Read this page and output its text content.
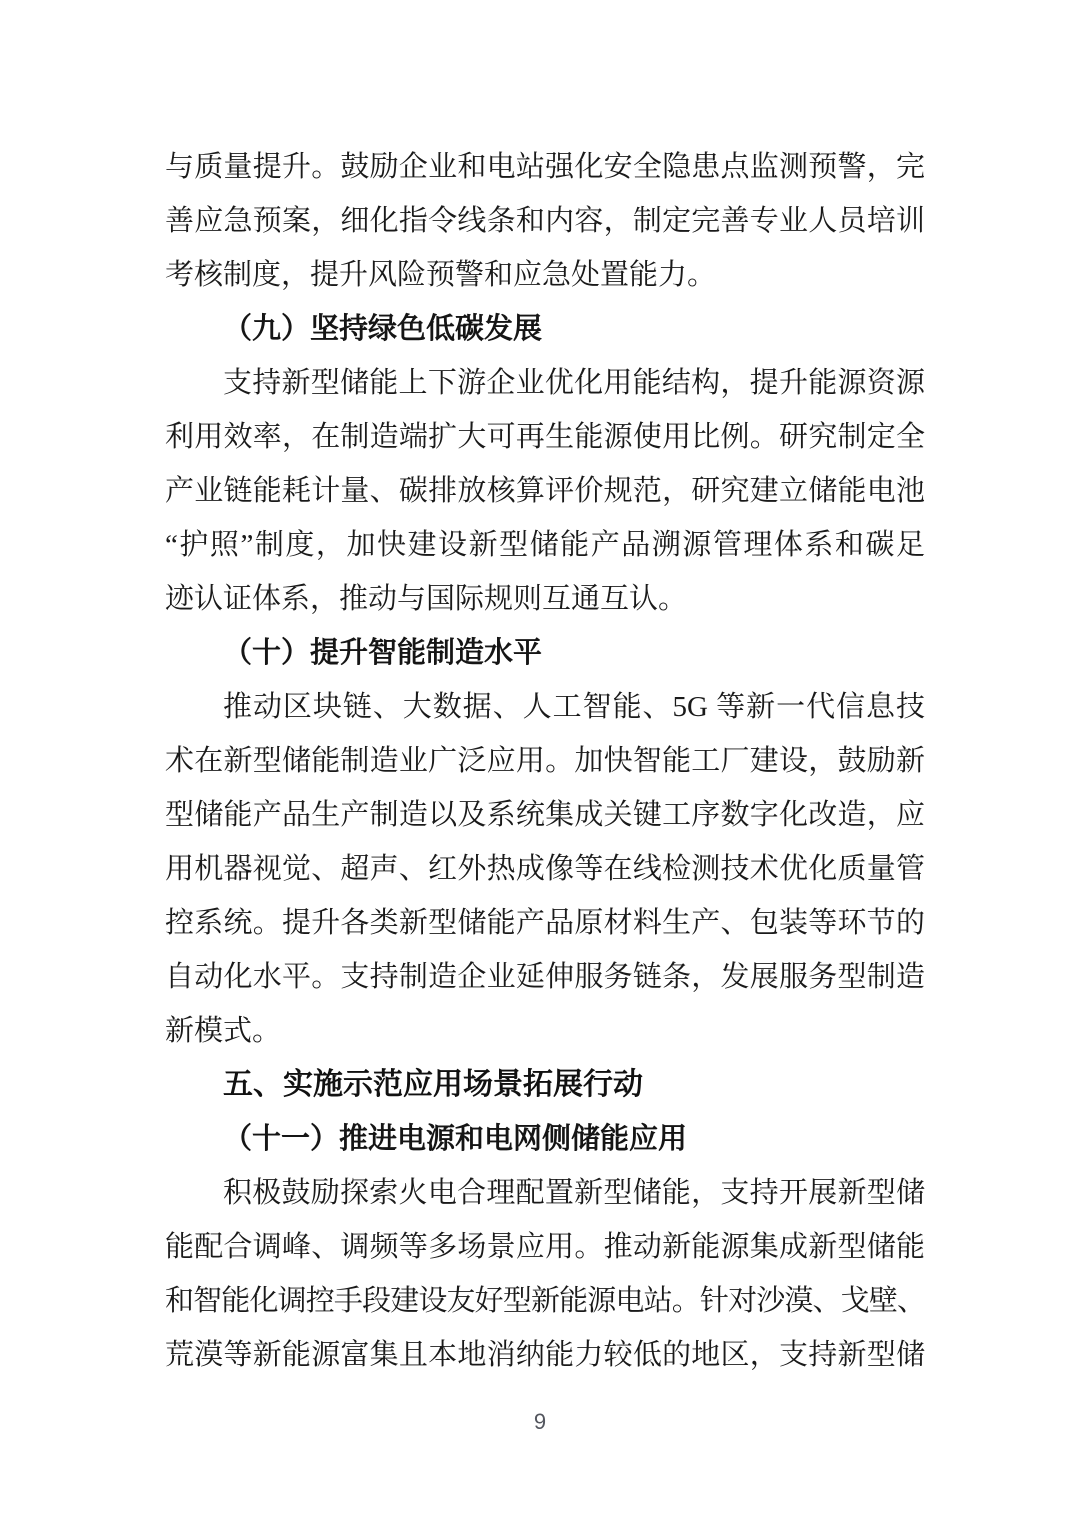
与质量提升。鼓励企业和电站强化安全隐患点监测预警，完
善应急预案，细化指令线条和内容，制定完善专业人员培训
考核制度，提升风险预警和应急处置能力。
（九）坚持绿色低碳发展
支持新型储能上下游企业优化用能结构，提升能源资源
利用效率，在制造端扩大可再生能源使用比例。研究制定全
产业链能耗计量、碳排放核算评价规范，研究建立储能电池
“护照”制度，加快建设新型储能产品溯源管理体系和碳足
迹认证体系，推动与国际规则互通互认。
（十）提升智能制造水平
推动区块链、大数据、人工智能、5G 等新一代信息技
术在新型储能制造业广泛应用。加快智能工厂建设，鼓励新
型储能产品生产制造以及系统集成关键工序数字化改造，应
用机器视觉、超声、红外热成像等在线检测技术优化质量管
控系统。提升各类新型储能产品原材料生产、包装等环节的
自动化水平。支持制造企业延伸服务链条，发展服务型制造
新模式。
五、实施示范应用场景拓展行动
（十一）推进电源和电网侧储能应用
积极鼓励探索火电合理配置新型储能，支持开展新型储
能配合调峰、调频等多场景应用。推动新能源集成新型储能
和智能化调控手段建设友好型新能源电站。针对沙漠、戈壁、
荒漠等新能源富集且本地消纳能力较低的地区，支持新型储
9
